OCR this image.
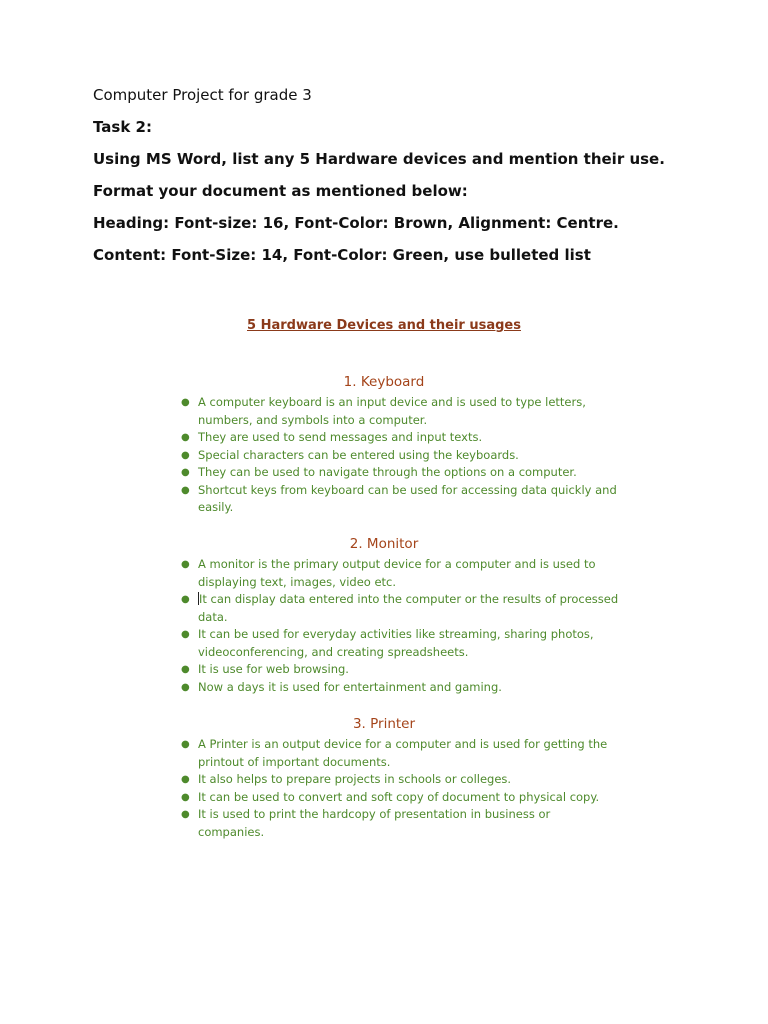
Computer Project for grade 3

Task 2:

Using MS Word, list any 5 Hardware devices and mention their use.

Format your document as mentioned below:

Heading: Font-size: 16, Font-Color: Brown, Alignment: Centre.

Content: Font-Size: 14, Font-Color: Green, use bulleted list

5 Hardware Devices and their usages
1. Keyboard
● A computer keyboard is an input device and is used to type letters, numbers, and symbols into a computer.
● They are used to send messages and input texts.
● Special characters can be entered using the keyboards.
● They can be used to navigate through the options on a computer.
● Shortcut keys from keyboard can be used for accessing data quickly and easily.
2. Monitor
● A monitor is the primary output device for a computer and is used to displaying text, images, video etc.
● It can display data entered into the computer or the results of processed data.
● It can be used for everyday activities like streaming, sharing photos, videoconferencing, and creating spreadsheets.
● It is use for web browsing.
● Now a days it is used for entertainment and gaming.
3. Printer
● A Printer is an output device for a computer and is used for getting the printout of important documents.
● It also helps to prepare projects in schools or colleges.
● It can be used to convert and soft copy of document to physical copy.
● It is used to print the hardcopy of presentation in business or companies.
